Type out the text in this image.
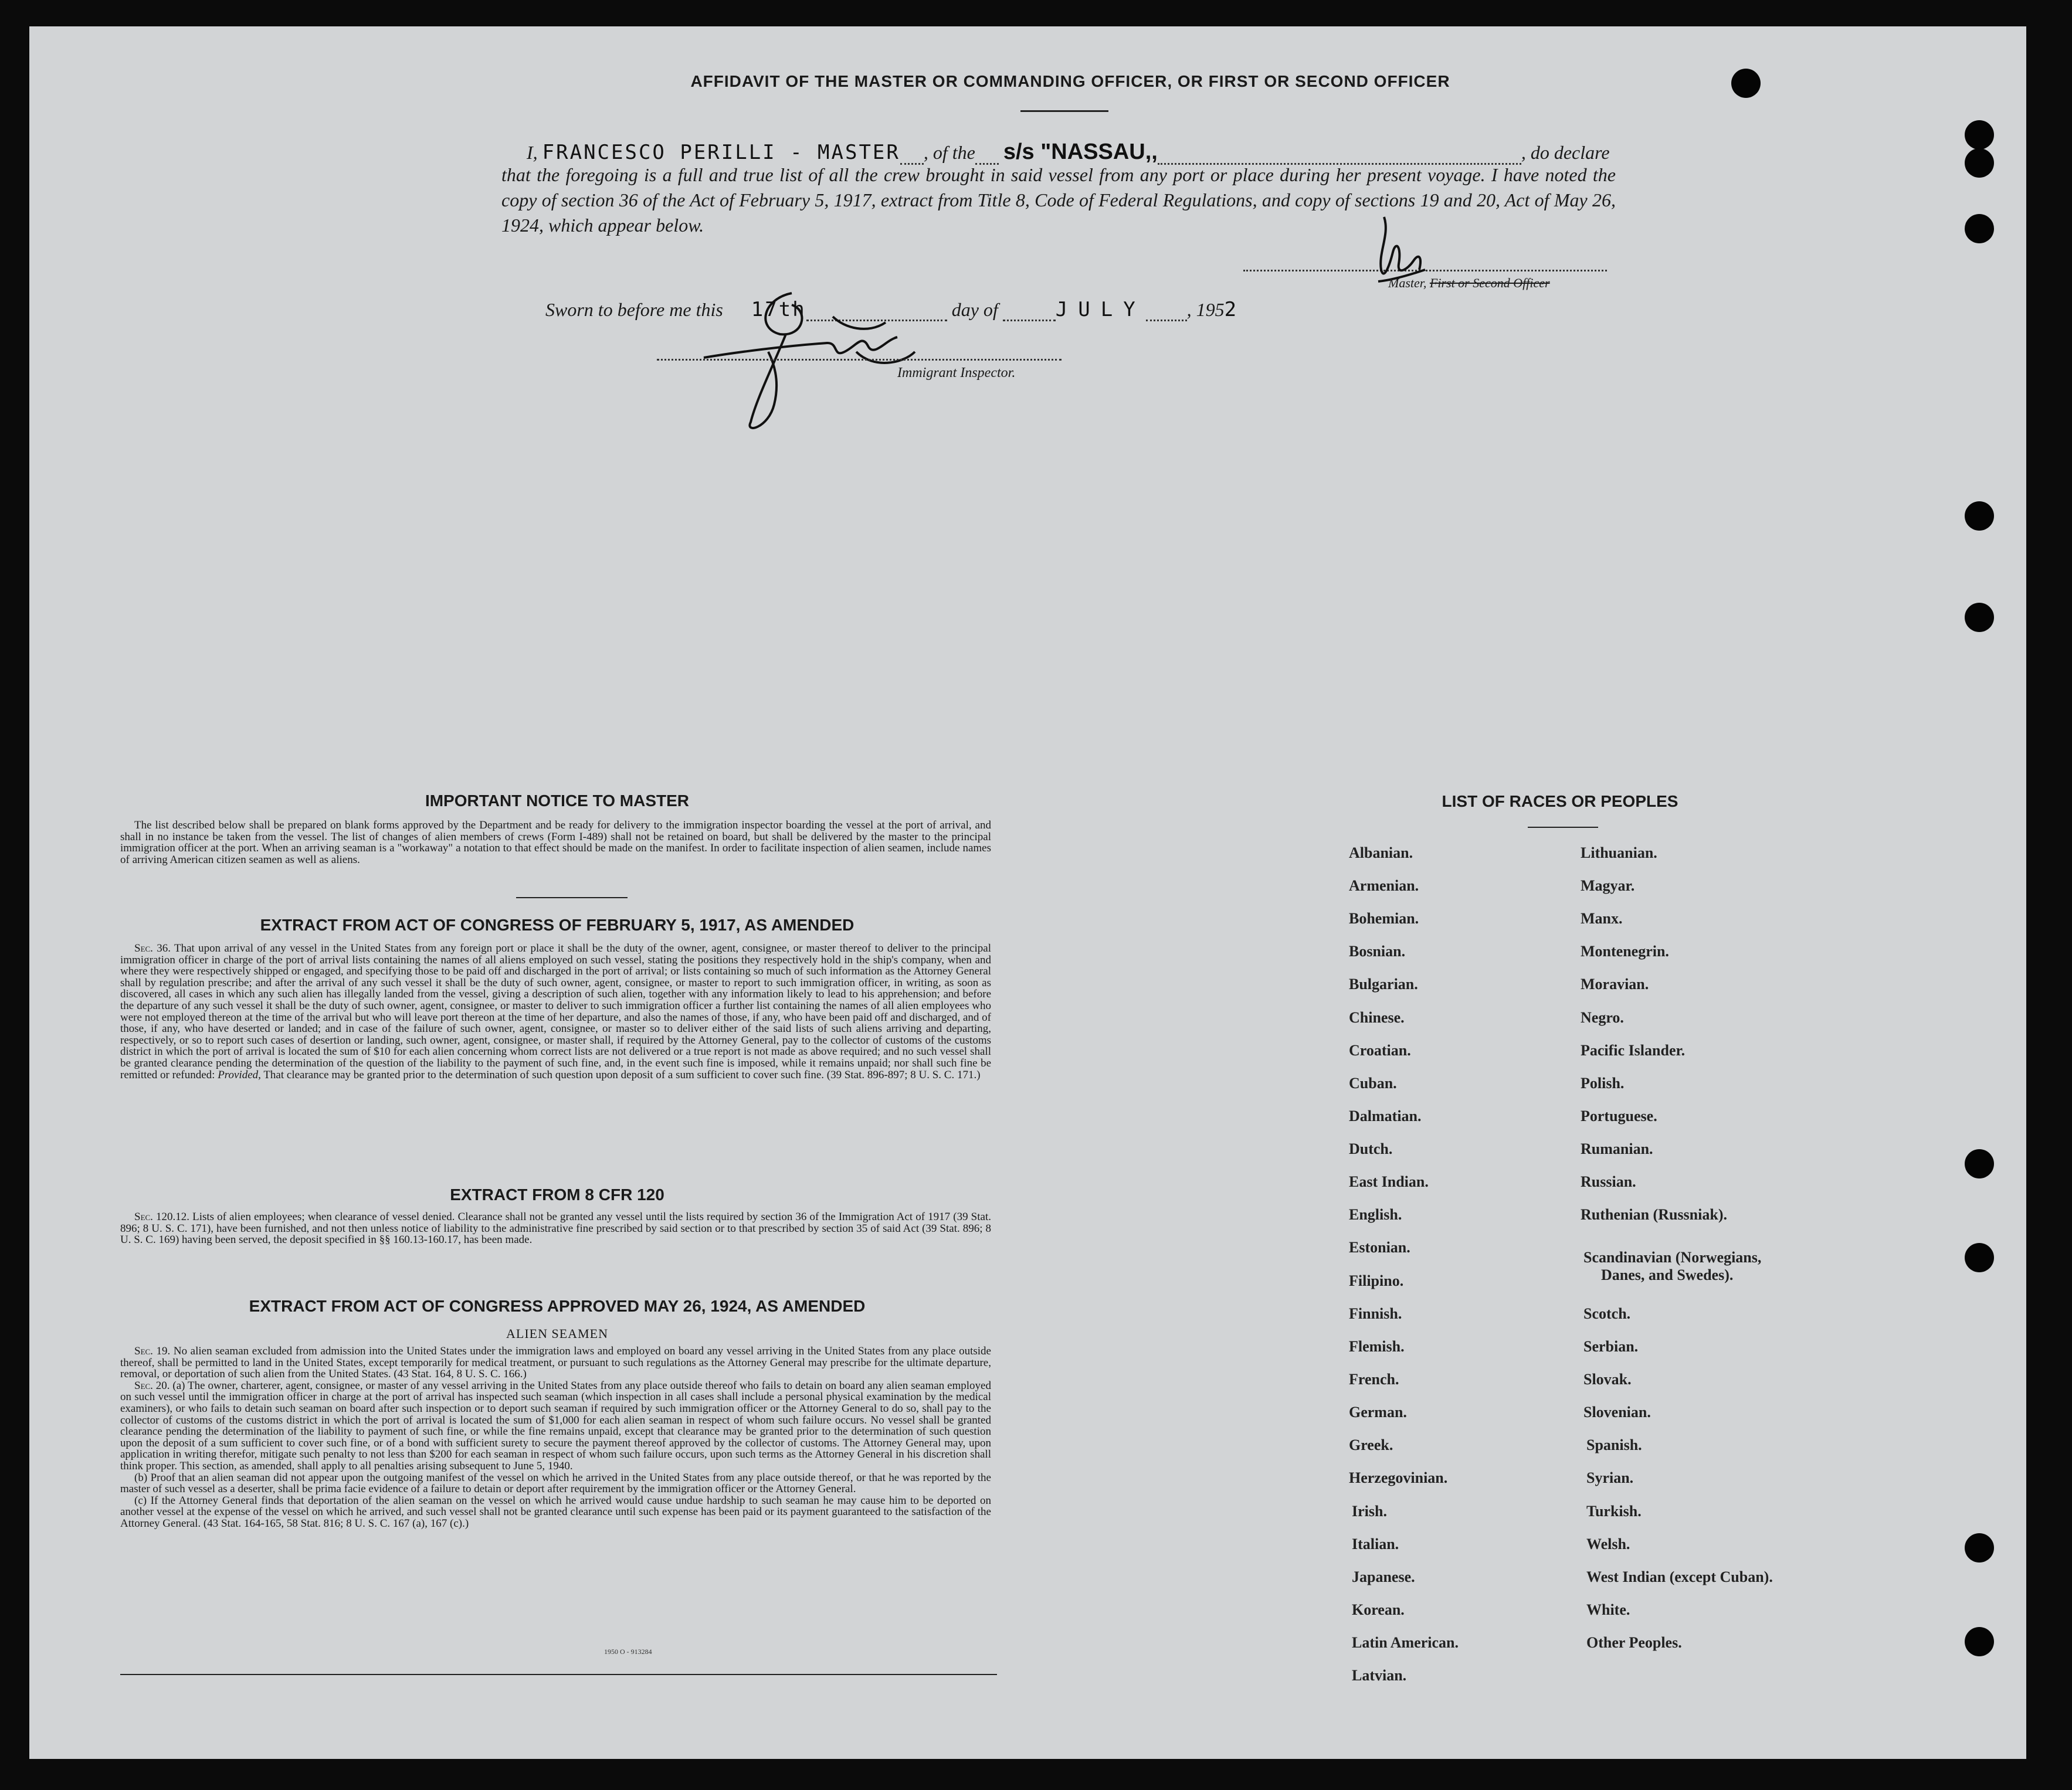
AFFIDAVIT OF THE MASTER OR COMMANDING OFFICER, OR FIRST OR SECOND OFFICER
I, FRANCESCO PERILLI - MASTER , of the s/s "NASSAU,,	, do declare
that the foregoing is a full and true list of all the crew brought in said vessel from any port or place during her present voyage. I have noted the copy of section 36 of the Act of February 5, 1917, extract from Title 8, Code of Federal Regulations, and copy of sections 19 and 20, Act of May 26, 1924, which appear below.
Master, First or Second Officer
Sworn to before me this 17th	day of	JULY , 1952
Immigrant Inspector.
IMPORTANT NOTICE TO MASTER

The list described below shall be prepared on blank forms approved by the Department and be ready for delivery to the immigration inspector boarding the vessel at the port of arrival, and shall in no instance be taken from the vessel. The list of changes of alien members of crews (Form I-489) shall not be retained on board, but shall be delivered by the master to the principal immigration officer at the port. When an arriving seaman is a "workaway" a notation to that effect should be made on the manifest. In order to facilitate inspection of alien seamen, include names of arriving American citizen seamen as well as aliens.

EXTRACT FROM ACT OF CONGRESS OF FEBRUARY 5, 1917, AS AMENDED

Sec. 36. That upon arrival of any vessel in the United States from any foreign port or place it shall be the duty of the owner, agent, consignee, or master thereof to deliver to the principal immigration officer in charge of the port of arrival lists containing the names of all aliens employed on such vessel, stating the positions they respectively hold in the ship's company, when and where they were respectively shipped or engaged, and specifying those to be paid off and discharged in the port of arrival; or lists containing so much of such information as the Attorney General shall by regulation prescribe; and after the arrival of any such vessel it shall be the duty of such owner, agent, consignee, or master to report to such immigration officer, in writing, as soon as discovered, all cases in which any such alien has illegally landed from the vessel, giving a description of such alien, together with any information likely to lead to his apprehension; and before the departure of any such vessel it shall be the duty of such owner, agent, consignee, or master to deliver to such immigration officer a further list containing the names of all alien employees who were not employed thereon at the time of the arrival but who will leave port thereon at the time of her departure, and also the names of those, if any, who have been paid off and discharged, and of those, if any, who have deserted or landed; and in case of the failure of such owner, agent, consignee, or master so to deliver either of the said lists of such aliens arriving and departing, respectively, or so to report such cases of desertion or landing, such owner, agent, consignee, or master shall, if required by the Attorney General, pay to the collector of customs of the customs district in which the port of arrival is located the sum of $10 for each alien concerning whom correct lists are not delivered or a true report is not made as above required; and no such vessel shall be granted clearance pending the determination of the question of the liability to the payment of such fine, and, in the event such fine is imposed, while it remains unpaid; nor shall such fine be remitted or refunded: Provided, That clearance may be granted prior to the determination of such question upon deposit of a sum sufficient to cover such fine. (39 Stat. 896-897; 8 U. S. C. 171.)

EXTRACT FROM 8 CFR 120

Sec. 120.12. Lists of alien employees; when clearance of vessel denied. Clearance shall not be granted any vessel until the lists required by section 36 of the Immigration Act of 1917 (39 Stat. 896; 8 U. S. C. 171), have been furnished, and not then unless notice of liability to the administrative fine prescribed by said section or to that prescribed by section 35 of said Act (39 Stat. 896; 8 U. S. C. 169) having been served, the deposit specified in §§ 160.13-160.17, has been made.

EXTRACT FROM ACT OF CONGRESS APPROVED MAY 26, 1924, AS AMENDED
ALIEN SEAMEN

Sec. 19. No alien seaman excluded from admission into the United States under the immigration laws and employed on board any vessel arriving in the United States from any place outside thereof, shall be permitted to land in the United States, except temporarily for medical treatment, or pursuant to such regulations as the Attorney General may prescribe for the ultimate departure, removal, or deportation of such alien from the United States. (43 Stat. 164, 8 U. S. C. 166.)

Sec. 20. (a) The owner, charterer, agent, consignee, or master of any vessel arriving in the United States from any place outside thereof who fails to detain on board any alien seaman employed on such vessel until the immigration officer in charge at the port of arrival has inspected such seaman (which inspection in all cases shall include a personal physical examination by the medical examiners), or who fails to detain such seaman on board after such inspection or to deport such seaman if required by such immigration officer or the Attorney General to do so, shall pay to the collector of customs of the customs district in which the port of arrival is located the sum of $1,000 for each alien seaman in respect of whom such failure occurs. No vessel shall be granted clearance pending the determination of the liability to payment of such fine, or while the fine remains unpaid, except that clearance may be granted prior to the determination of such question upon the deposit of a sum sufficient to cover such fine, or of a bond with sufficient surety to secure the payment thereof approved by the collector of customs. The Attorney General may, upon application in writing therefor, mitigate such penalty to not less than $200 for each seaman in respect of whom such failure occurs, upon such terms as the Attorney General in his discretion shall think proper. This section, as amended, shall apply to all penalties arising subsequent to June 5, 1940.

(b) Proof that an alien seaman did not appear upon the outgoing manifest of the vessel on which he arrived in the United States from any place outside thereof, or that he was reported by the master of such vessel as a deserter, shall be prima facie evidence of a failure to detain or deport after requirement by the immigration officer or the Attorney General.

(c) If the Attorney General finds that deportation of the alien seaman on the vessel on which he arrived would cause undue hardship to such seaman he may cause him to be deported on another vessel at the expense of the vessel on which he arrived, and such vessel shall not be granted clearance until such expense has been paid or its payment guaranteed to the satisfaction of the Attorney General. (43 Stat. 164-165, 58 Stat. 816; 8 U. S. C. 167 (a), 167 (c).)

1950 O - 913284
LIST OF RACES OR PEOPLES
Albanian.
Armenian.
Bohemian.
Bosnian.
Bulgarian.
Chinese.
Croatian.
Cuban.
Dalmatian.
Dutch.
East Indian.
English.
Estonian.
Filipino.
Finnish.
Flemish.
French.
German.
Greek.
Herzegovinian.
Irish.
Italian.
Japanese.
Korean.
Latin American.
Latvian.
Lithuanian.
Magyar.
Manx.
Montenegrin.
Moravian.
Negro.
Pacific Islander.
Polish.
Portuguese.
Rumanian.
Russian.
Ruthenian (Russniak).
Scandinavian (Norwegians,
Danes, and Swedes).
Scotch.
Serbian.
Slovak.
Slovenian.
Spanish.
Syrian.
Turkish.
Welsh.
West Indian (except Cuban).
White.
Other Peoples.
